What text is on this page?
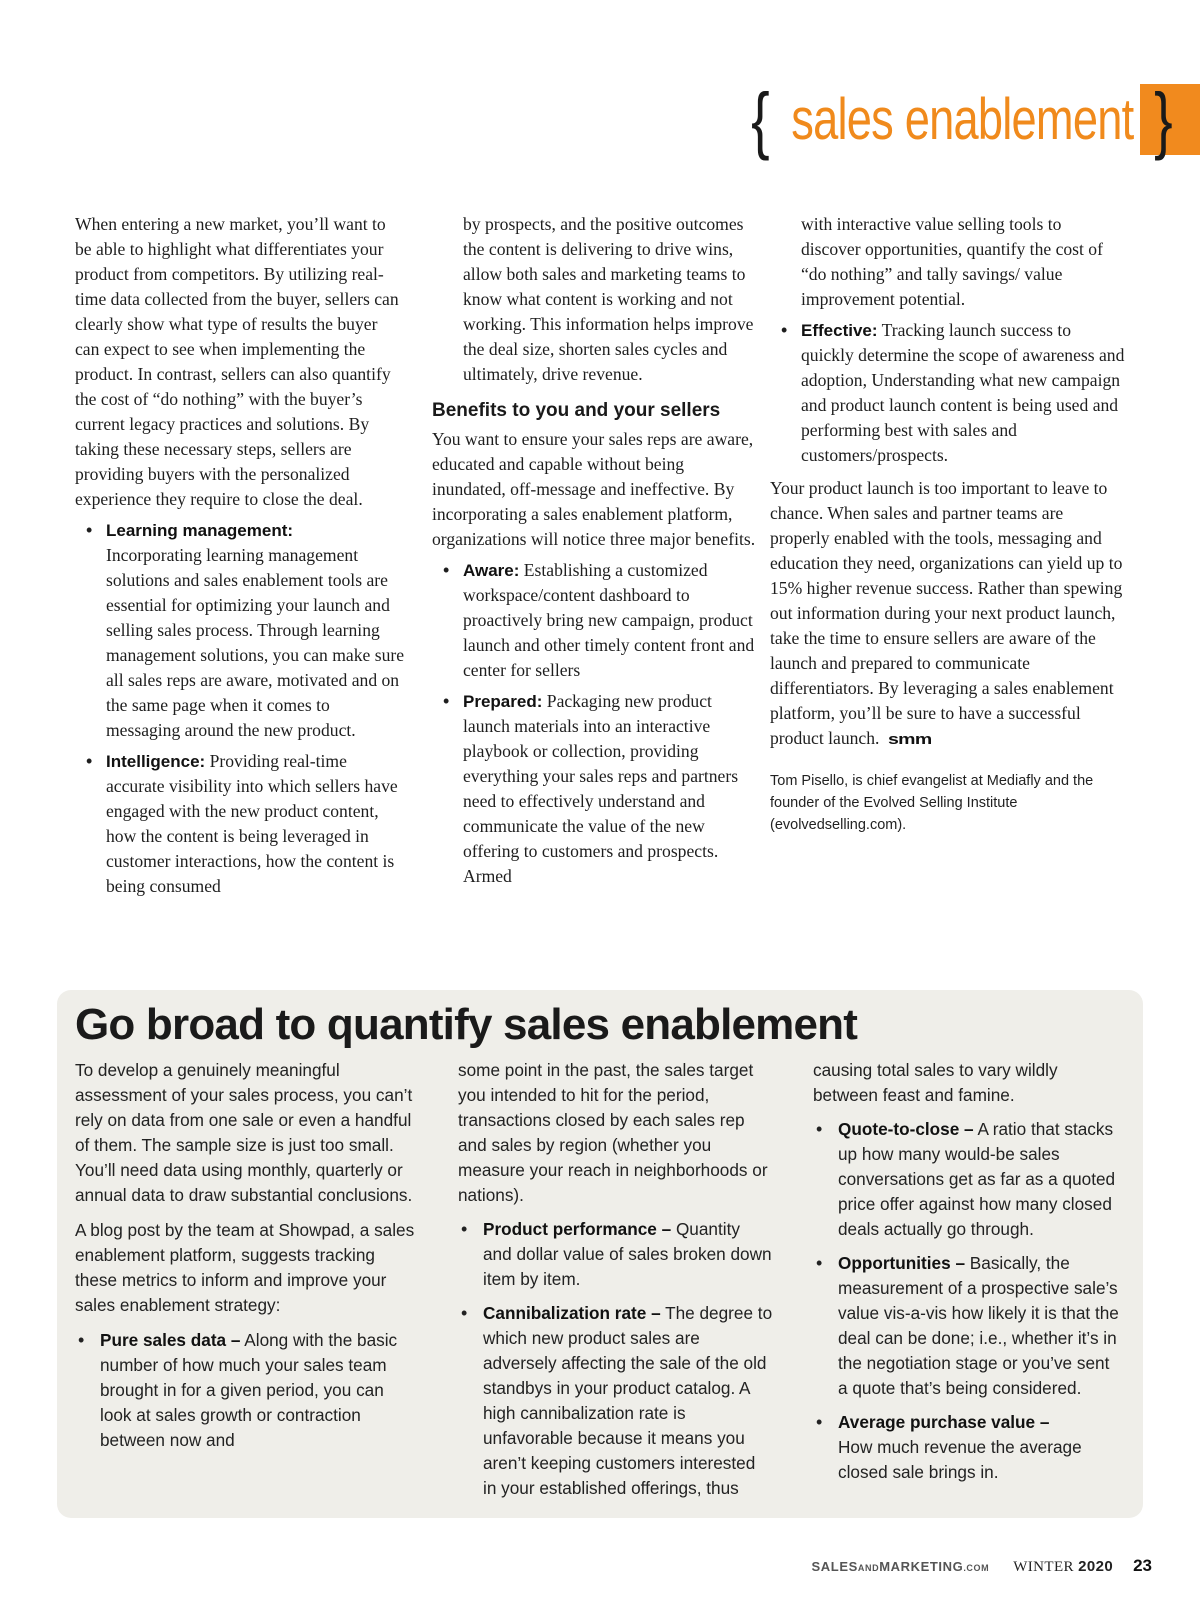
{ sales enablement }

When entering a new market, you’ll want to be able to highlight what differentiates your product from competitors. By utilizing real-time data collected from the buyer, sellers can clearly show what type of results the buyer can expect to see when implementing the product. In contrast, sellers can also quantify the cost of “do nothing” with the buyer’s current legacy practices and solutions. By taking these necessary steps, sellers are providing buyers with the personalized experience they require to close the deal.

• Learning management:
Incorporating learning management solutions and sales enablement tools are essential for optimizing your launch and selling sales process. Through learning management solutions, you can make sure all sales reps are aware, motivated and on the same page when it comes to messaging around the new product.
• Intelligence: Providing real-time accurate visibility into which sellers have engaged with the new product content, how the content is being leveraged in customer interactions, how the content is being consumed

by prospects, and the positive outcomes the content is delivering to drive wins, allow both sales and marketing teams to know what content is working and not working. This information helps improve the deal size, shorten sales cycles and ultimately, drive revenue.

Benefits to you and your sellers

You want to ensure your sales reps are aware, educated and capable without being inundated, off-message and ineffective. By incorporating a sales enablement platform, organizations will notice three major benefits.

• Aware: Establishing a customized workspace/content dashboard to proactively bring new campaign, product launch and other timely content front and center for sellers
• Prepared: Packaging new product launch materials into an interactive playbook or collection, providing everything your sales reps and partners need to effectively understand and communicate the value of the new offering to customers and prospects. Armed

with interactive value selling tools to discover opportunities, quantify the cost of “do nothing” and tally savings/ value improvement potential.

• Effective: Tracking launch success to quickly determine the scope of awareness and adoption, Understanding what new campaign and product launch content is being used and performing best with sales and customers/prospects.

Your product launch is too important to leave to chance. When sales and partner teams are properly enabled with the tools, messaging and education they need, organizations can yield up to 15% higher revenue success. Rather than spewing out information during your next product launch, take the time to ensure sellers are aware of the launch and prepared to communicate differentiators. By leveraging a sales enablement platform, you’ll be sure to have a successful product launch. smm

Tom Pisello, is chief evangelist at Mediafly and the founder of the Evolved Selling Institute (evolvedselling.com).

Go broad to quantify sales enablement

To develop a genuinely meaningful assessment of your sales process, you can’t rely on data from one sale or even a handful of them. The sample size is just too small. You’ll need data using monthly, quarterly or annual data to draw substantial conclusions.

A blog post by the team at Showpad, a sales enablement platform, suggests tracking these metrics to inform and improve your sales enablement strategy:

• Pure sales data – Along with the basic number of how much your sales team brought in for a given period, you can look at sales growth or contraction between now and
some point in the past, the sales target you intended to hit for the period, transactions closed by each sales rep and sales by region (whether you measure your reach in neighborhoods or nations).
• Product performance – Quantity and dollar value of sales broken down item by item.
• Cannibalization rate – The degree to which new product sales are adversely affecting the sale of the old standbys in your product catalog. A high cannibalization rate is unfavorable because it means you aren’t keeping customers interested in your established offerings, thus
causing total sales to vary wildly between feast and famine.
• Quote-to-close – A ratio that stacks up how many would-be sales conversations get as far as a quoted price offer against how many closed deals actually go through.
• Opportunities – Basically, the measurement of a prospective sale’s value vis-a-vis how likely it is that the deal can be done; i.e., whether it’s in the negotiation stage or you’ve sent a quote that’s being considered.
• Average purchase value –
How much revenue the average closed sale brings in.
SALESANDMARKETING.COM WINTER 2020 23
